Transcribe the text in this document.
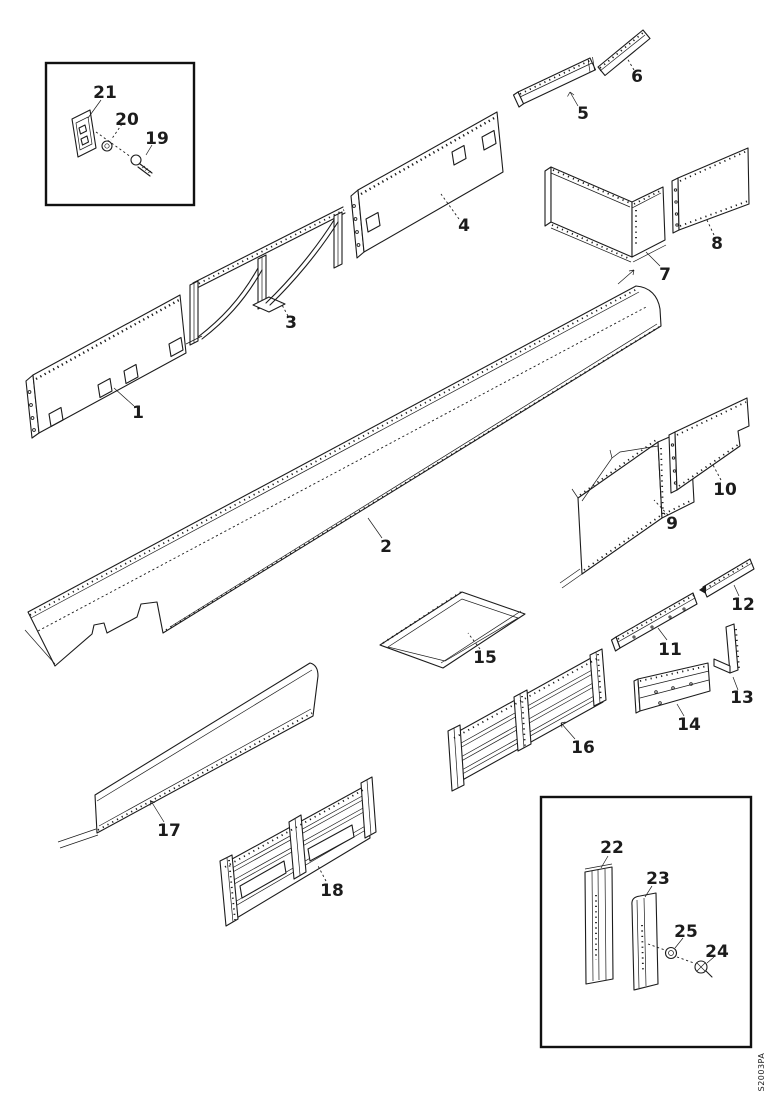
1
2
3
4
5
6
7
8
9
10
11
12
13
14
15
16
17
18
19
20
21
22
23
24
25
S2003PA
